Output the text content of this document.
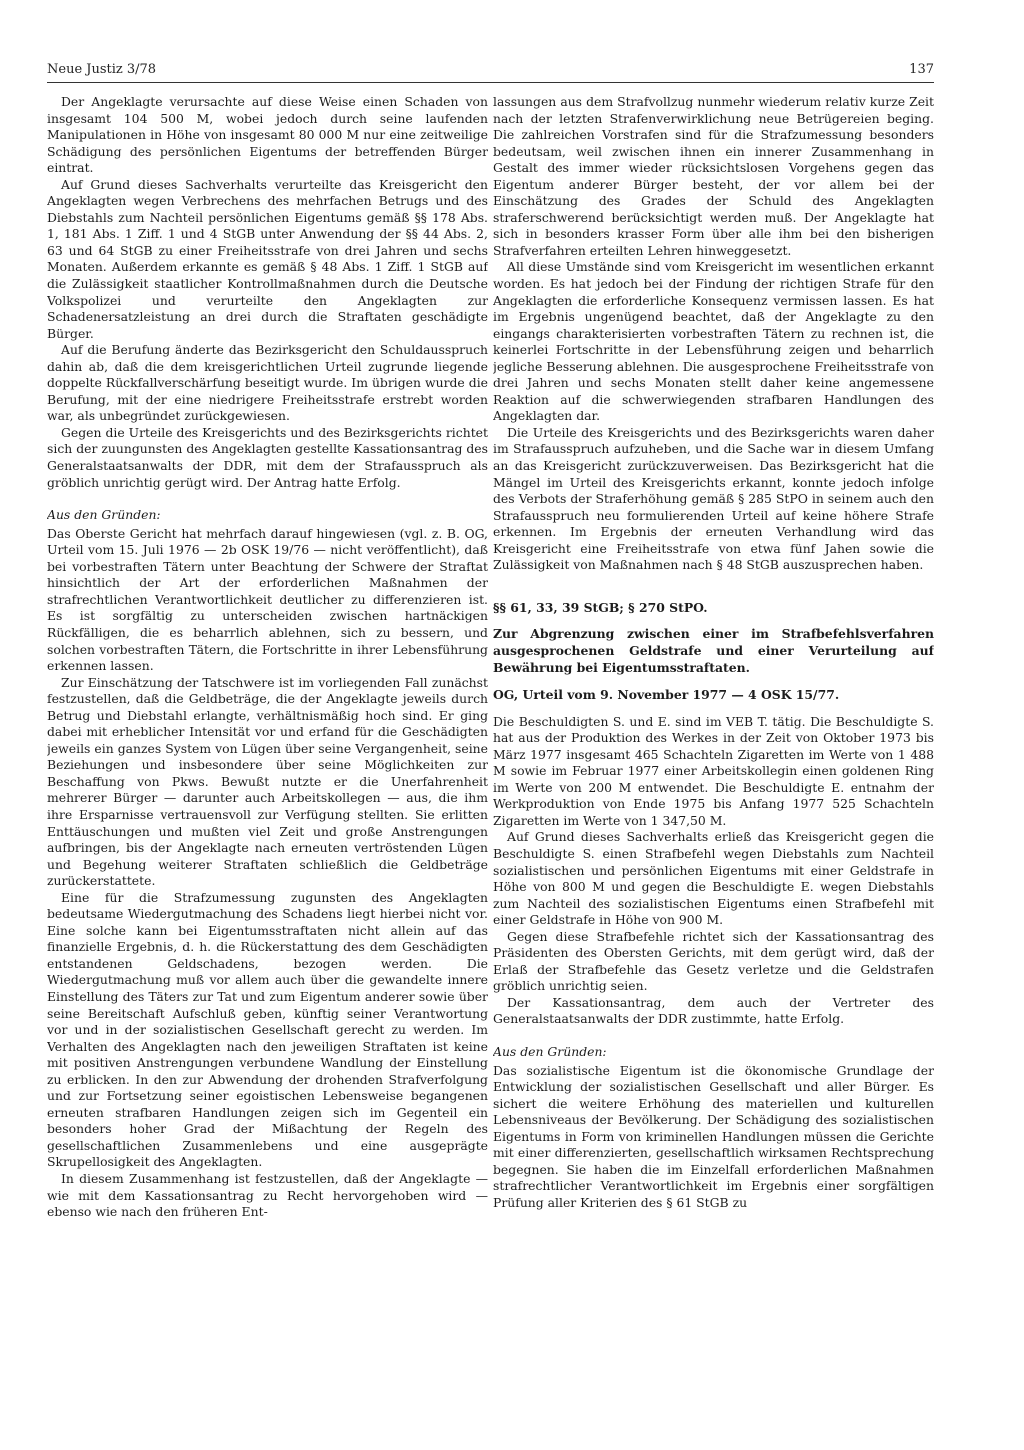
Neue Justiz 3/78	137

Der Angeklagte verursachte auf diese Weise einen Schaden von insgesamt 104 500 M, wobei jedoch durch seine laufenden Manipulationen in Höhe von insgesamt 80 000 M nur eine zeitweilige Schädigung des persönlichen Eigentums der betreffenden Bürger eintrat.

Auf Grund dieses Sachverhalts verurteilte das Kreisgericht den Angeklagten wegen Verbrechens des mehrfachen Betrugs und des Diebstahls zum Nachteil persönlichen Eigentums gemäß §§ 178 Abs. 1, 181 Abs. 1 Ziff. 1 und 4 StGB unter Anwendung der §§ 44 Abs. 2, 63 und 64 StGB zu einer Freiheitsstrafe von drei Jahren und sechs Monaten. Außerdem erkannte es gemäß § 48 Abs. 1 Ziff. 1 StGB auf die Zulässigkeit staatlicher Kontrollmaßnahmen durch die Deutsche Volkspolizei und verurteilte den Angeklagten zur Schadenersatzleistung an drei durch die Straftaten geschädigte Bürger.

Auf die Berufung änderte das Bezirksgericht den Schuldausspruch dahin ab, daß die dem kreisgerichtlichen Urteil zugrunde liegende doppelte Rückfallverschärfung beseitigt wurde. Im übrigen wurde die Berufung, mit der eine niedrigere Freiheitsstrafe erstrebt worden war, als unbegründet zurückgewiesen.

Gegen die Urteile des Kreisgerichts und des Bezirksgerichts richtet sich der zuungunsten des Angeklagten gestellte Kassationsantrag des Generalstaatsanwalts der DDR, mit dem der Strafausspruch als gröblich unrichtig gerügt wird. Der Antrag hatte Erfolg.

Aus den Gründen:

Das Oberste Gericht hat mehrfach darauf hingewiesen (vgl. z. B. OG, Urteil vom 15. Juli 1976 — 2b OSK 19/76 — nicht veröffentlicht), daß bei vorbestraften Tätern unter Beachtung der Schwere der Straftat hinsichtlich der Art der erforderlichen Maßnahmen der strafrechtlichen Verantwortlichkeit deutlicher zu differenzieren ist. Es ist sorgfältig zu unterscheiden zwischen hartnäckigen Rückfälligen, die es beharrlich ablehnen, sich zu bessern, und solchen vorbestraften Tätern, die Fortschritte in ihrer Lebensführung erkennen lassen.

Zur Einschätzung der Tatschwere ist im vorliegenden Fall zunächst festzustellen, daß die Geldbeträge, die der Angeklagte jeweils durch Betrug und Diebstahl erlangte, verhältnismäßig hoch sind. Er ging dabei mit erheblicher Intensität vor und erfand für die Geschädigten jeweils ein ganzes System von Lügen über seine Vergangenheit, seine Beziehungen und insbesondere über seine Möglichkeiten zur Beschaffung von Pkws. Bewußt nutzte er die Unerfahrenheit mehrerer Bürger — darunter auch Arbeitskollegen — aus, die ihm ihre Ersparnisse vertrauensvoll zur Verfügung stellten. Sie erlitten Enttäuschungen und mußten viel Zeit und große Anstrengungen aufbringen, bis der Angeklagte nach erneuten vertröstenden Lügen und Begehung weiterer Straftaten schließlich die Geldbeträge zurückerstattete.

Eine für die Strafzumessung zugunsten des Angeklagten bedeutsame Wiedergutmachung des Schadens liegt hierbei nicht vor. Eine solche kann bei Eigentumsstraftaten nicht allein auf das finanzielle Ergebnis, d. h. die Rückerstattung des dem Geschädigten entstandenen Geldschadens, bezogen werden. Die Wiedergutmachung muß vor allem auch über die gewandelte innere Einstellung des Täters zur Tat und zum Eigentum anderer sowie über seine Bereitschaft Aufschluß geben, künftig seiner Verantwortung vor und in der sozialistischen Gesellschaft gerecht zu werden. Im Verhalten des Angeklagten nach den jeweiligen Straftaten ist keine mit positiven Anstrengungen verbundene Wandlung der Einstellung zu erblicken. In den zur Abwendung der drohenden Strafverfolgung und zur Fortsetzung seiner egoistischen Lebensweise begangenen erneuten strafbaren Handlungen zeigen sich im Gegenteil ein besonders hoher Grad der Mißachtung der Regeln des gesellschaftlichen Zusammenlebens und eine ausgeprägte Skrupellosigkeit des Angeklagten.

In diesem Zusammenhang ist festzustellen, daß der Angeklagte — wie mit dem Kassationsantrag zu Recht hervorgehoben wird — ebenso wie nach den früheren Ent-

lassungen aus dem Strafvollzug nunmehr wiederum relativ kurze Zeit nach der letzten Strafenverwirklichung neue Betrügereien beging. Die zahlreichen Vorstrafen sind für die Strafzumessung besonders bedeutsam, weil zwischen ihnen ein innerer Zusammenhang in Gestalt des immer wieder rücksichtslosen Vorgehens gegen das Eigentum anderer Bürger besteht, der vor allem bei der Einschätzung des Grades der Schuld des Angeklagten straferschwerend berücksichtigt werden muß. Der Angeklagte hat sich in besonders krasser Form über alle ihm bei den bisherigen Strafverfahren erteilten Lehren hinweggesetzt.

All diese Umstände sind vom Kreisgericht im wesentlichen erkannt worden. Es hat jedoch bei der Findung der richtigen Strafe für den Angeklagten die erforderliche Konsequenz vermissen lassen. Es hat im Ergebnis ungenügend beachtet, daß der Angeklagte zu den eingangs charakterisierten vorbestraften Tätern zu rechnen ist, die keinerlei Fortschritte in der Lebensführung zeigen und beharrlich jegliche Besserung ablehnen. Die ausgesprochene Freiheitsstrafe von drei Jahren und sechs Monaten stellt daher keine angemessene Reaktion auf die schwerwiegenden strafbaren Handlungen des Angeklagten dar.

Die Urteile des Kreisgerichts und des Bezirksgerichts waren daher im Strafausspruch aufzuheben, und die Sache war in diesem Umfang an das Kreisgericht zurückzuverweisen. Das Bezirksgericht hat die Mängel im Urteil des Kreisgerichts erkannt, konnte jedoch infolge des Verbots der Straferhöhung gemäß § 285 StPO in seinem auch den Strafausspruch neu formulierenden Urteil auf keine höhere Strafe erkennen. Im Ergebnis der erneuten Verhandlung wird das Kreisgericht eine Freiheitsstrafe von etwa fünf Jahen sowie die Zulässigkeit von Maßnahmen nach § 48 StGB auszusprechen haben.

§§ 61, 33, 39 StGB; § 270 StPO.

Zur Abgrenzung zwischen einer im Strafbefehlsverfahren ausgesprochenen Geldstrafe und einer Verurteilung auf Bewährung bei Eigentumsstraftaten.

OG, Urteil vom 9. November 1977 — 4 OSK 15/77.

Die Beschuldigten S. und E. sind im VEB T. tätig. Die Beschuldigte S. hat aus der Produktion des Werkes in der Zeit von Oktober 1973 bis März 1977 insgesamt 465 Schachteln Zigaretten im Werte von 1 488 M sowie im Februar 1977 einer Arbeitskollegin einen goldenen Ring im Werte von 200 M entwendet. Die Beschuldigte E. entnahm der Werkproduktion von Ende 1975 bis Anfang 1977 525 Schachteln Zigaretten im Werte von 1 347,50 M.

Auf Grund dieses Sachverhalts erließ das Kreisgericht gegen die Beschuldigte S. einen Strafbefehl wegen Diebstahls zum Nachteil sozialistischen und persönlichen Eigentums mit einer Geldstrafe in Höhe von 800 M und gegen die Beschuldigte E. wegen Diebstahls zum Nachteil des sozialistischen Eigentums einen Strafbefehl mit einer Geldstrafe in Höhe von 900 M.

Gegen diese Strafbefehle richtet sich der Kassationsantrag des Präsidenten des Obersten Gerichts, mit dem gerügt wird, daß der Erlaß der Strafbefehle das Gesetz verletze und die Geldstrafen gröblich unrichtig seien.

Der Kassationsantrag, dem auch der Vertreter des Generalstaatsanwalts der DDR zustimmte, hatte Erfolg.

Aus den Gründen:

Das sozialistische Eigentum ist die ökonomische Grundlage der Entwicklung der sozialistischen Gesellschaft und aller Bürger. Es sichert die weitere Erhöhung des materiellen und kulturellen Lebensniveaus der Bevölkerung. Der Schädigung des sozialistischen Eigentums in Form von kriminellen Handlungen müssen die Gerichte mit einer differenzierten, gesellschaftlich wirksamen Rechtsprechung begegnen. Sie haben die im Einzelfall erforderlichen Maßnahmen strafrechtlicher Verantwortlichkeit im Ergebnis einer sorgfältigen Prüfung aller Kriterien des § 61 StGB zu
